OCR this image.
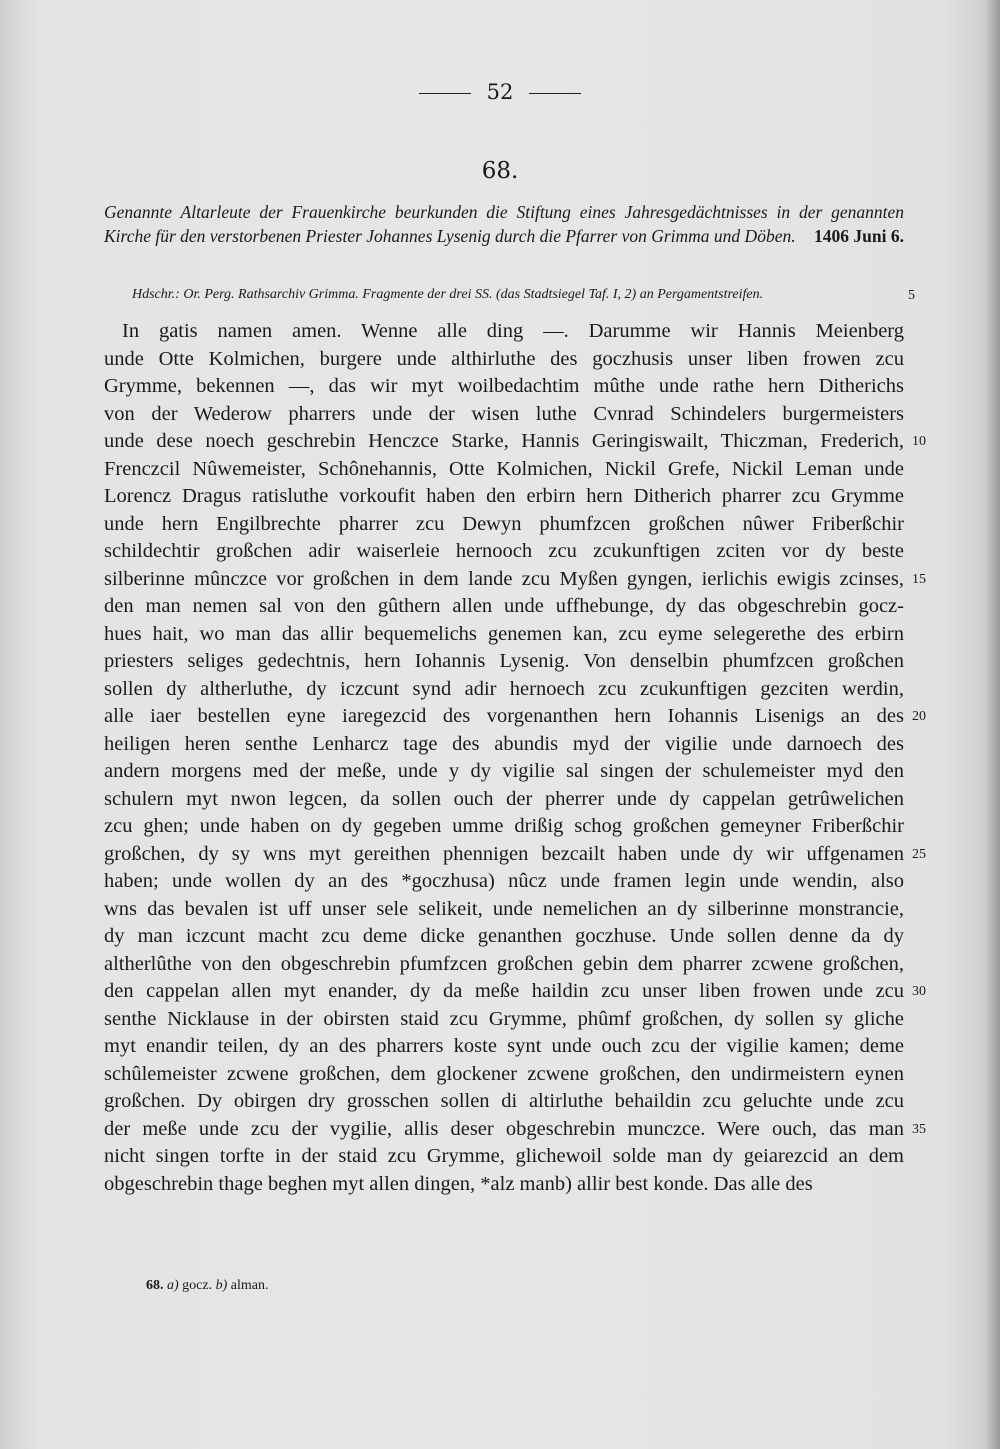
52
68.
Genannte Altarleute der Frauenkirche beurkunden die Stiftung eines Jahresgedächtnisses in der genannten Kirche für den verstorbenen Priester Johannes Lysenig durch die Pfarrer von Grimma und Döben. 1406 Juni 6.
Hdschr.: Or. Perg. Rathsarchiv Grimma. Fragmente der drei SS. (das Stadtsiegel Taf. I, 2) an Pergamentstreifen.	5
In gatis namen amen. Wenne alle ding —. Darumme wir Hannis Meienberg
unde Otte Kolmichen, burgere unde althirluthe des goczhusis unser liben frowen zcu
Grymme, bekennen —, das wir myt woilbedachtim mûthe unde rathe hern Ditherichs
von der Wederow pharrers unde der wisen luthe Cvnrad Schindelers burgermeisters
unde dese noech geschrebin Henczce Starke, Hannis Geringiswailt, Thiczman, Frederich,
Frenczcil Nûwemeister, Schônehannis, Otte Kolmichen, Nickil Grefe, Nickil Leman unde
Lorencz Dragus ratisluthe vorkoufit haben den erbirn hern Ditherich pharrer zcu Grymme
unde hern Engilbrechte pharrer zcu Dewyn phumfzcen großchen nûwer Friberßchir
schildechtir großchen adir waiserleie hernooch zcu zcukunftigen zciten vor dy beste
silberinne mûnczce vor großchen in dem lande zcu Myßen gyngen, ierlichis ewigis zcinses,
den man nemen sal von den gûthern allen unde uffhebunge, dy das obgeschrebin gocz-
hues hait, wo man das allir bequemelichs genemen kan, zcu eyme selegerethe des erbirn
priesters seliges gedechtnis, hern Iohannis Lysenig. Von denselbin phumfzcen großchen
sollen dy altherluthe, dy iczcunt synd adir hernoech zcu zcukunftigen gezciten werdin,
alle iaer bestellen eyne iaregezcid des vorgenanthen hern Iohannis Lisenigs an des
heiligen heren senthe Lenharcz tage des abundis myd der vigilie unde darnoech des
andern morgens med der meße, unde y dy vigilie sal singen der schulemeister myd den
schulern myt nwon legcen, da sollen ouch der pherrer unde dy cappelan getrûwelichen
zcu ghen; unde haben on dy gegeben umme drißig schog großchen gemeyner Friberßchir
großchen, dy sy wns myt gereithen phennigen bezcailt haben unde dy wir uffgenamen
haben; unde wollen dy an des *goczhusa) nûcz unde framen legin unde wendin, also
wns das bevalen ist uff unser sele selikeit, unde nemelichen an dy silberinne monstrancie,
dy man iczcunt macht zcu deme dicke genanthen goczhuse. Unde sollen denne da dy
altherlûthe von den obgeschrebin pfumfzcen großchen gebin dem pharrer zcwene großchen,
den cappelan allen myt enander, dy da meße haildin zcu unser liben frowen unde zcu
senthe Nicklause in der obirsten staid zcu Grymme, phûmf großchen, dy sollen sy gliche
myt enandir teilen, dy an des pharrers koste synt unde ouch zcu der vigilie kamen; deme
schûlemeister zcwene großchen, dem glockener zcwene großchen, den undirmeistern eynen
großchen. Dy obirgen dry grosschen sollen di altirluthe behaildin zcu geluchte unde zcu
der meße unde zcu der vygilie, allis deser obgeschrebin munczce. Were ouch, das man
nicht singen torfte in der staid zcu Grymme, glichewoil solde man dy geiarezcid an dem
obgeschrebin thage beghen myt allen dingen, *alz manb) allir best konde. Das alle des
10
15
20
25
30
35
68. a) gocz. b) alman.
